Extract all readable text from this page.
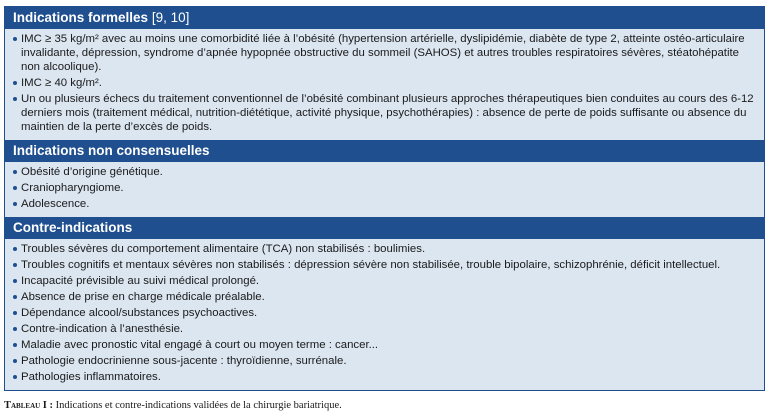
Indications formelles [9, 10]
IMC ≥ 35 kg/m² avec au moins une comorbidité liée à l’obésité (hypertension artérielle, dyslipidémie, diabète de type 2, atteinte ostéo-articulaire invalidante, dépression, syndrome d’apnée hypopnée obstructive du sommeil (SAHOS) et autres troubles respiratoires sévères, stéatohépatite non alcoolique).
IMC ≥ 40 kg/m².
Un ou plusieurs échecs du traitement conventionnel de l’obésité combinant plusieurs approches thérapeutiques bien conduites au cours des 6-12 derniers mois (traitement médical, nutrition-diététique, activité physique, psychothérapies) : absence de perte de poids suffisante ou absence du maintien de la perte d’excès de poids.
Indications non consensuelles
Obésité d’origine génétique.
Craniopharyngiome.
Adolescence.
Contre-indications
Troubles sévères du comportement alimentaire (TCA) non stabilisés : boulimies.
Troubles cognitifs et mentaux sévères non stabilisés : dépression sévère non stabilisée, trouble bipolaire, schizophrénie, déficit intellectuel.
Incapacité prévisible au suivi médical prolongé.
Absence de prise en charge médicale préalable.
Dépendance alcool/substances psychoactives.
Contre-indication à l’anesthésie.
Maladie avec pronostic vital engagé à court ou moyen terme : cancer...
Pathologie endocrinienne sous-jacente : thyroïdienne, surrénale.
Pathologies inflammatoires.
Tableau I : Indications et contre-indications validées de la chirurgie bariatrique.
